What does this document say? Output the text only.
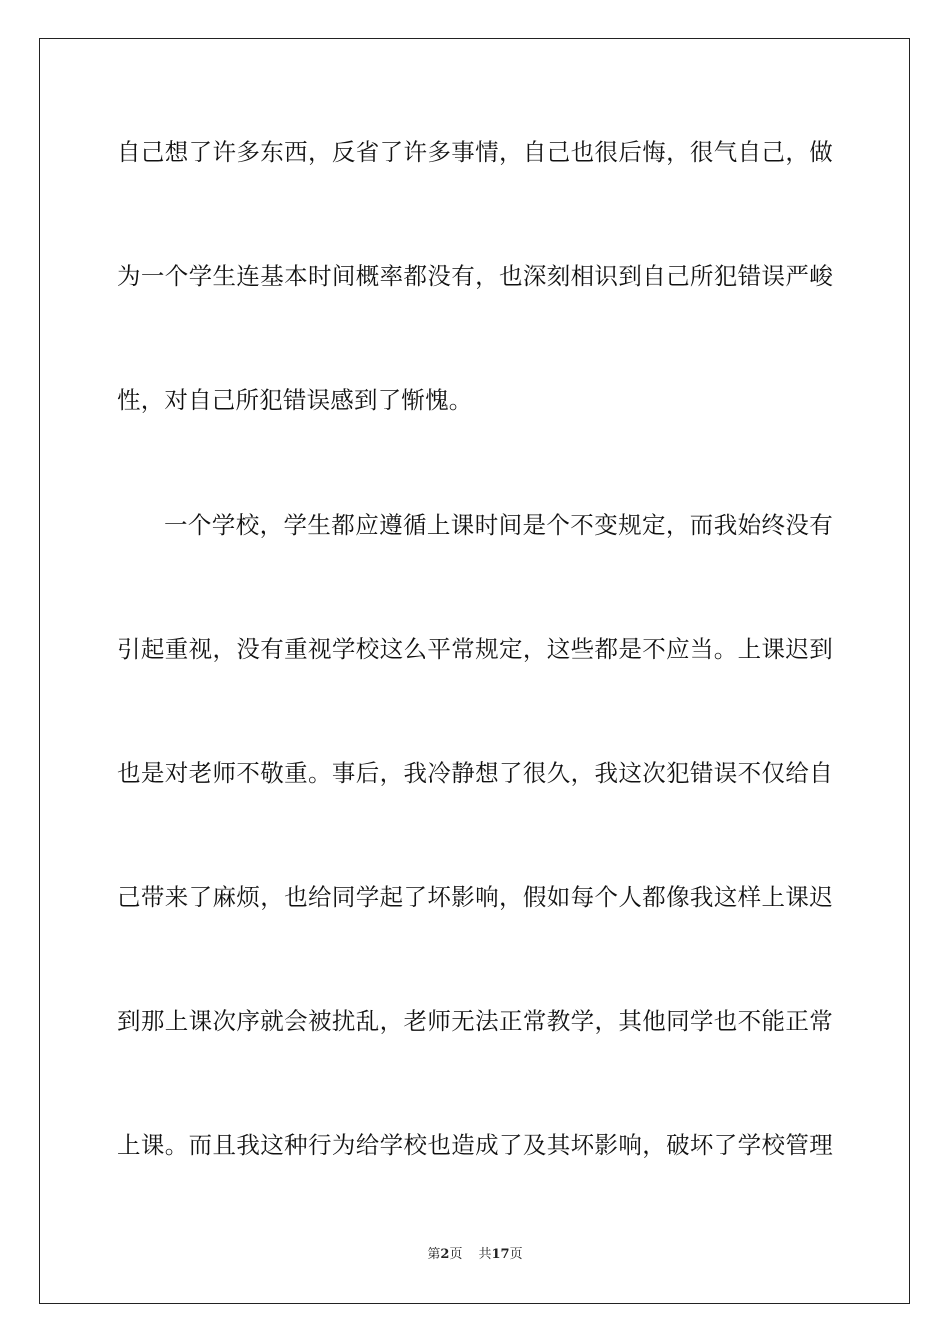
自己想了许多东西，反省了许多事情，自己也很后悔，很气自己，做
为一个学生连基本时间概率都没有，也深刻相识到自己所犯错误严峻
性，对自己所犯错误感到了惭愧。
一个学校，学生都应遵循上课时间是个不变规定，而我始终没有
引起重视，没有重视学校这么平常规定，这些都是不应当。上课迟到
也是对老师不敬重。事后，我冷静想了很久，我这次犯错误不仅给自
己带来了麻烦，也给同学起了坏影响，假如每个人都像我这样上课迟
到那上课次序就会被扰乱，老师无法正常教学，其他同学也不能正常
上课。而且我这种行为给学校也造成了及其坏影响，破坏了学校管理
第2页 共17页
